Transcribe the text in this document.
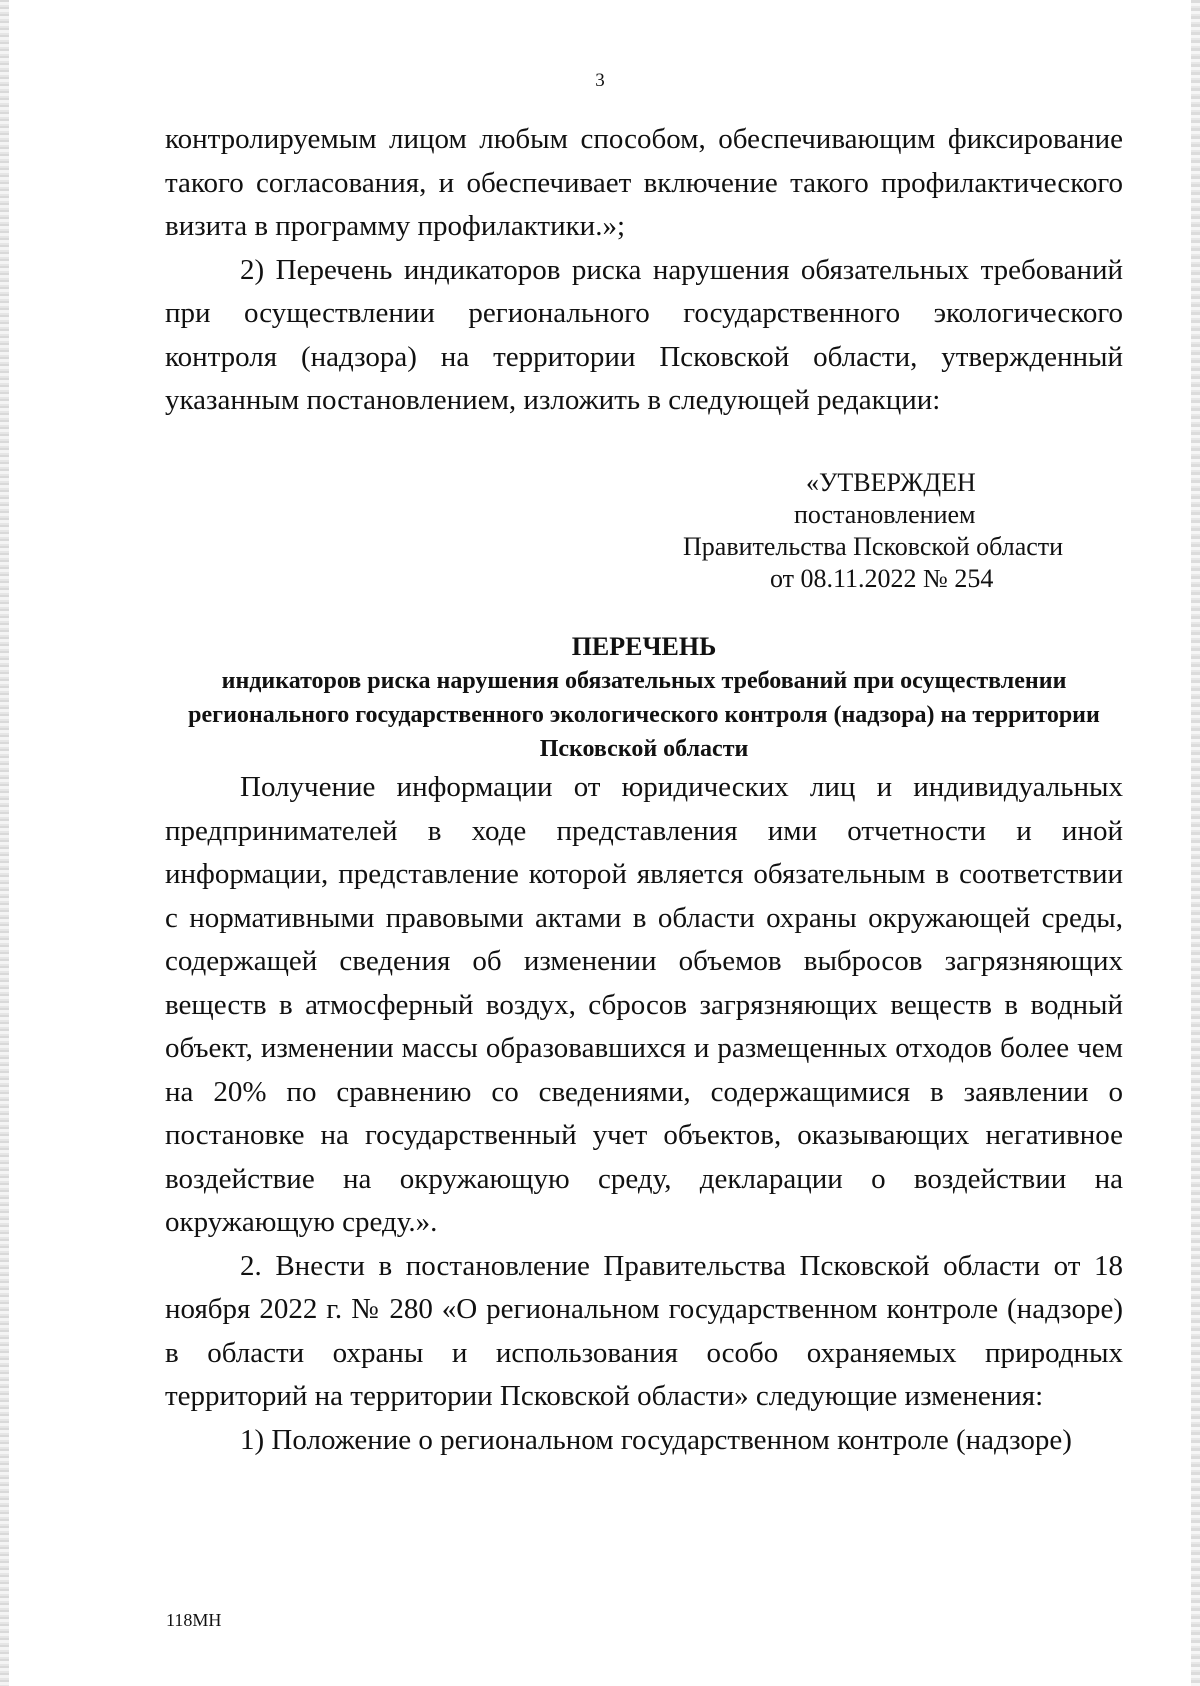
3

контролируемым лицом любым способом, обеспечивающим фиксирование такого согласования, и обеспечивает включение такого профилактического визита в программу профилактики.»;

2) Перечень индикаторов риска нарушения обязательных требований при осуществлении регионального государственного экологического контроля (надзора) на территории Псковской области, утвержденный указанным постановлением, изложить в следующей редакции:

«УТВЕРЖДЕН
постановлением
Правительства Псковской области
от 08.11.2022 № 254

ПЕРЕЧЕНЬ

индикаторов риска нарушения обязательных требований при осуществлении регионального государственного экологического контроля (надзора) на территории Псковской области

Получение информации от юридических лиц и индивидуальных предпринимателей в ходе представления ими отчетности и иной информации, представление которой является обязательным в соответствии с нормативными правовыми актами в области охраны окружающей среды, содержащей сведения об изменении объемов выбросов загрязняющих веществ в атмосферный воздух, сбросов загрязняющих веществ в водный объект, изменении массы образовавшихся и размещенных отходов более чем на 20% по сравнению со сведениями, содержащимися в заявлении о постановке на государственный учет объектов, оказывающих негативное воздействие на окружающую среду, декларации о воздействии на окружающую среду.».

2. Внести в постановление Правительства Псковской области от 18 ноября 2022 г. № 280 «О региональном государственном контроле (надзоре) в области охраны и использования особо охраняемых природных территорий на территории Псковской области» следующие изменения:

1) Положение о региональном государственном контроле (надзоре)

118МН
